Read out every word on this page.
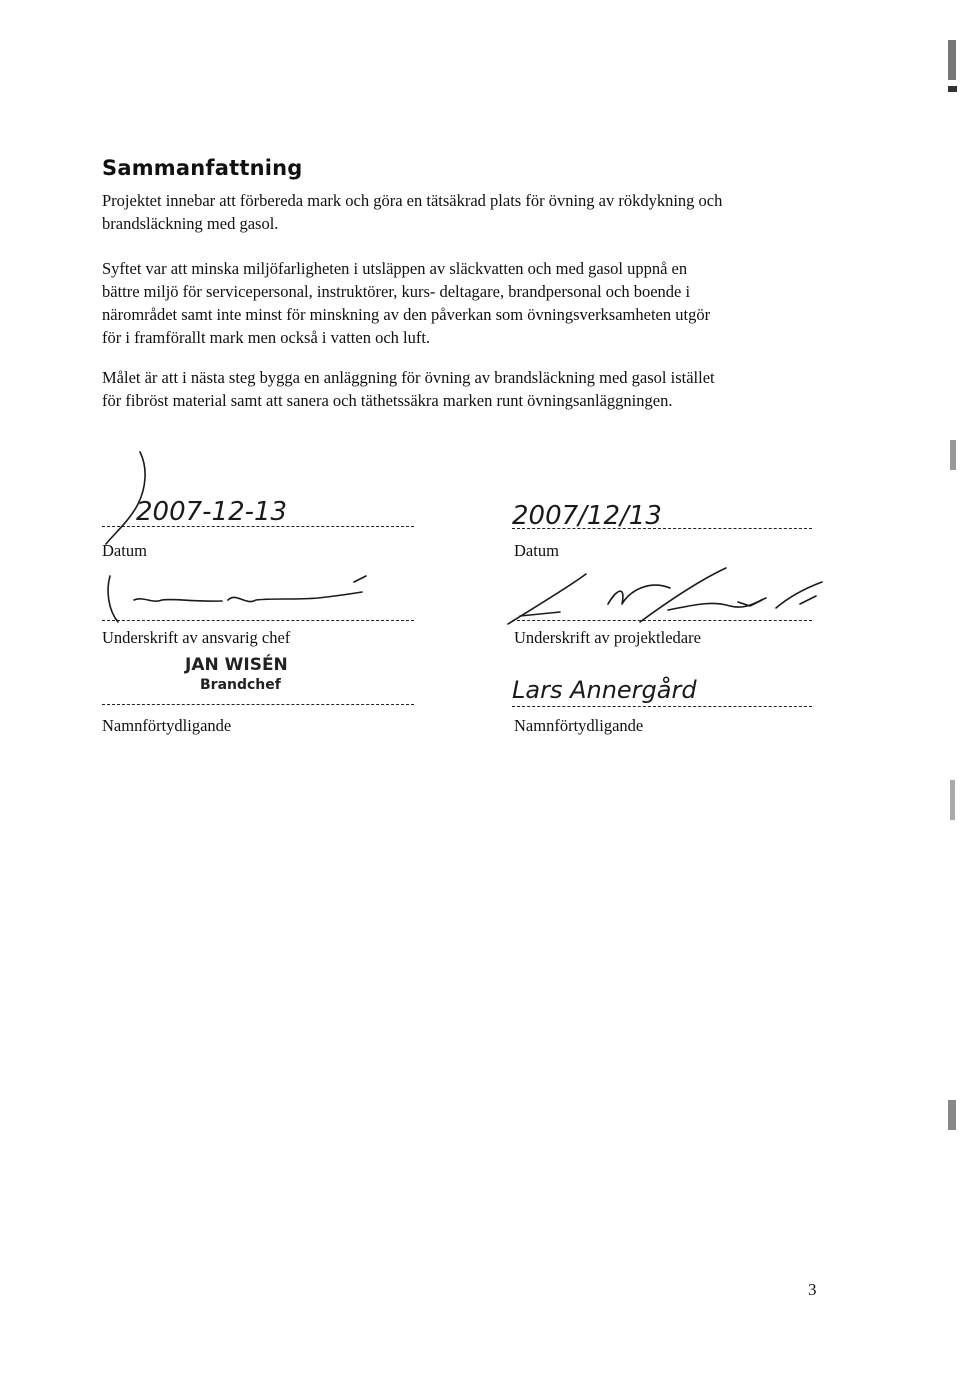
Sammanfattning

Projektet innebar att förbereda mark och göra en tätsäkrad plats för övning av rökdykning och
brandsläckning med gasol.

Syftet var att minska miljöfarligheten i utsläppen av släckvatten och med gasol uppnå en
bättre miljö för servicepersonal, instruktörer, kurs- deltagare, brandpersonal och boende i
närområdet samt inte minst för minskning av den påverkan som övningsverksamheten utgör
för i framförallt mark men också i vatten och luft.

Målet är att i nästa steg bygga en anläggning för övning av brandsläckning med gasol istället
för fibröst material samt att sanera och täthetssäkra marken runt övningsanläggningen.

2007-12-13
Datum
Underskrift av ansvarig chef
JAN WISÉN
Brandchef
Namnförtydligande
2007/12/13
Datum
Underskrift av projektledare
Lars Annergård
Namnförtydligande
3
